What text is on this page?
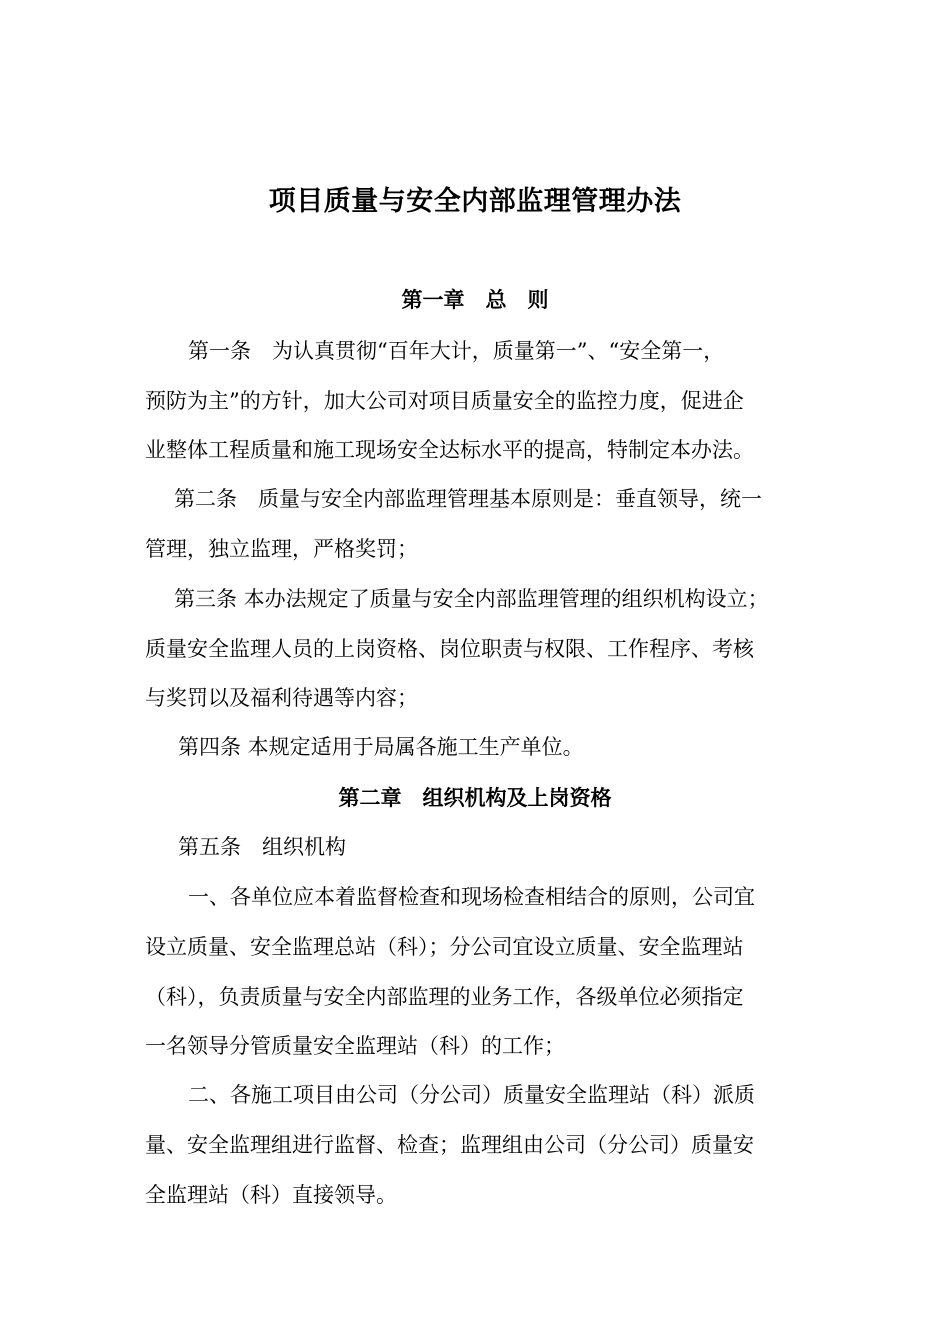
项目质量与安全内部监理管理办法
第一章　总　则
第一条　为认真贯彻“百年大计，质量第一”、“安全第一，
预防为主”的方针，加大公司对项目质量安全的监控力度，促进企
业整体工程质量和施工现场安全达标水平的提高，特制定本办法。
第二条　质量与安全内部监理管理基本原则是：垂直领导，统一
管理，独立监理，严格奖罚；
第三条 本办法规定了质量与安全内部监理管理的组织机构设立；
质量安全监理人员的上岗资格、岗位职责与权限、工作程序、考核
与奖罚以及福利待遇等内容；
第四条 本规定适用于局属各施工生产单位。
第二章　组织机构及上岗资格
第五条　组织机构
一、各单位应本着监督检查和现场检查相结合的原则，公司宜
设立质量、安全监理总站（科）；分公司宜设立质量、安全监理站
（科），负责质量与安全内部监理的业务工作，各级单位必须指定
一名领导分管质量安全监理站（科）的工作；
二、各施工项目由公司（分公司）质量安全监理站（科）派质
量、安全监理组进行监督、检查；监理组由公司（分公司）质量安
全监理站（科）直接领导。
